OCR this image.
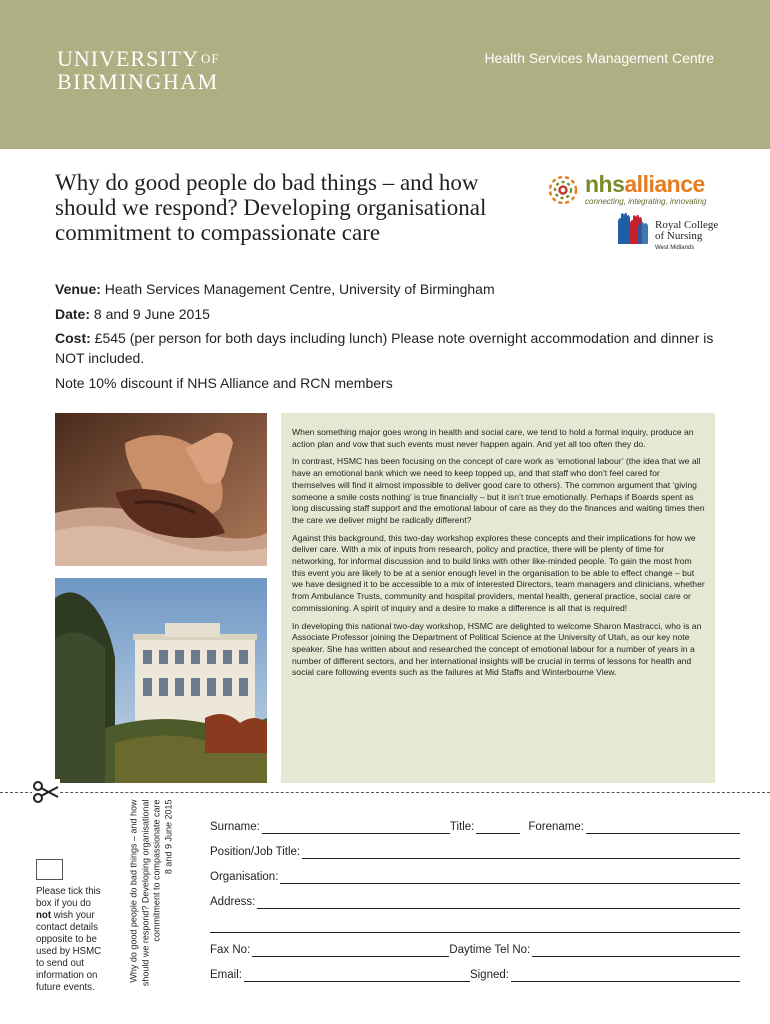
UNIVERSITY $^{OF}$
BIRMINGHAM
Health Services Management Centre
Why do good people do bad things – and how should we respond? Developing organisational commitment to compassionate care
nhsalliance
connecting, integrating, innovating
Royal College
of Nursing
West Midlands
Venue: Heath Services Management Centre, University of Birmingham
Date: 8 and 9 June 2015
Cost: £545 (per person for both days including lunch) Please note overnight accommodation and dinner is NOT included.
Note 10% discount if NHS Alliance and RCN members

When something major goes wrong in health and social care, we tend to hold a formal inquiry, produce an action plan and vow that such events must never happen again. And yet all too often they do.

In contrast, HSMC has been focusing on the concept of care work as ‘emotional labour’ (the idea that we all have an emotional bank which we need to keep topped up, and that staff who don’t feel cared for themselves will find it almost impossible to deliver good care to others). The common argument that ‘giving someone a smile costs nothing’ is true financially – but it isn’t true emotionally. Perhaps if Boards spent as long discussing staff support and the emotional labour of care as they do the finances and waiting times then the care we deliver might be radically different?

Against this background, this two-day workshop explores these concepts and their implications for how we deliver care. With a mix of inputs from research, policy and practice, there will be plenty of time for networking, for informal discussion and to build links with other like-minded people. To gain the most from this event you are likely to be at a senior enough level in the organisation to be able to effect change – but we have designed it to be accessible to a mix of interested Directors, team managers and clinicians, whether from Ambulance Trusts, community and hospital providers, mental health, general practice, social care or commissioning. A spirit of inquiry and a desire to make a difference is all that is required!

In developing this national two-day workshop, HSMC are delighted to welcome Sharon Mastracci, who is an Associate Professor joining the Department of Political Science at the University of Utah, as our key note speaker. She has written about and researched the concept of emotional labour for a number of years in a number of different sectors, and her international insights will be crucial in terms of lessons for health and social care following events such as the failures at Mid Staffs and Winterbourne View.

Please tick this
box if you do
not wish your
contact details
opposite to be
used by HSMC
to send out
information on
future events.
Why do good people do bad things – and how should we respond? Developing organisational commitment to compassionate care 8 and 9 June 2015	Surname:	Title:	Forename:
Position/Job Title:
Organisation:
Address:
Fax No:	Daytime Tel No:
Email:	Signed:
